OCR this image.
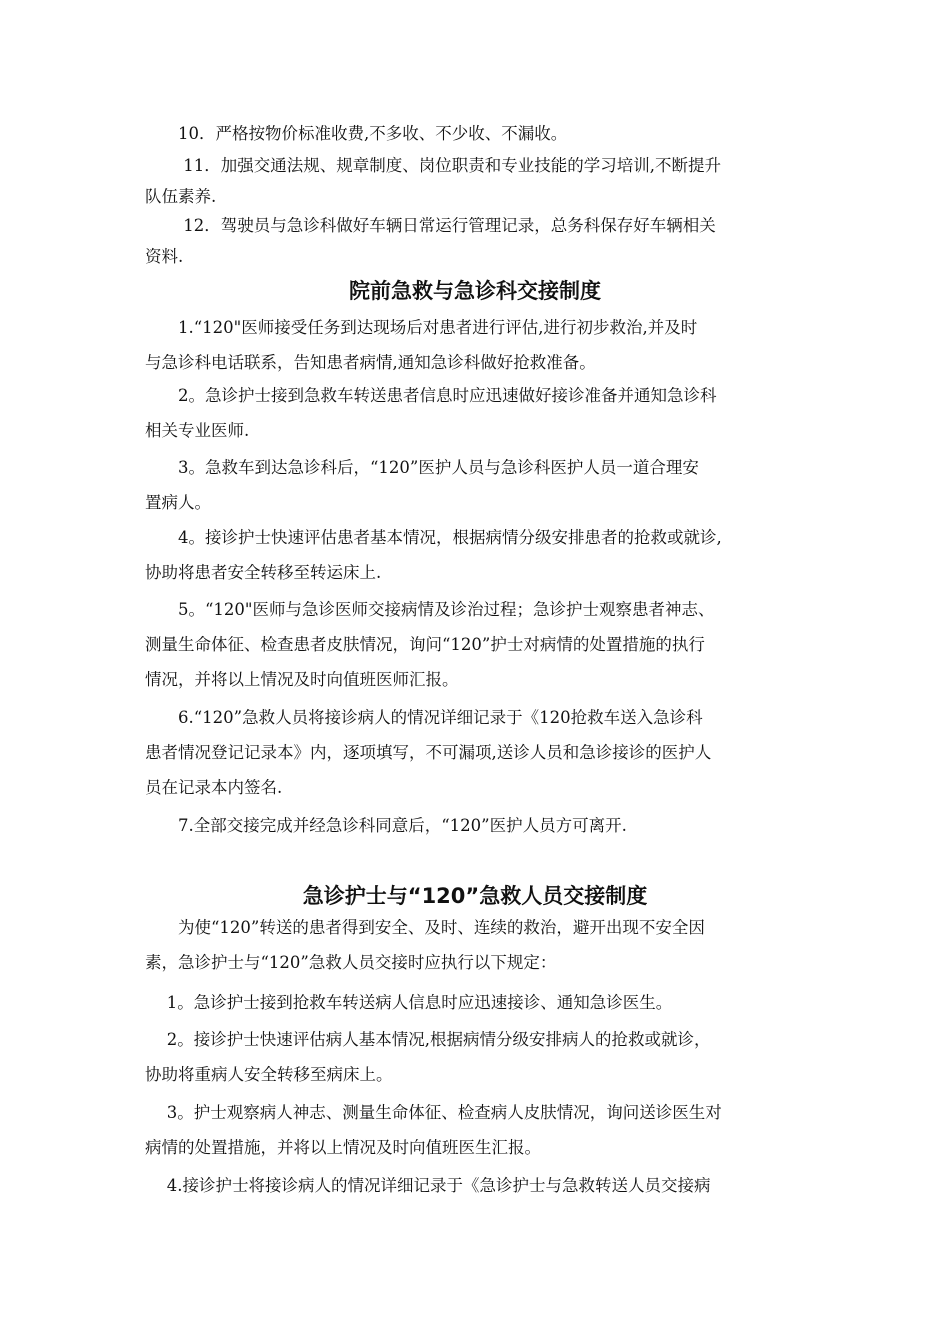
　　10．严格按物价标准收费,不多收、不少收、不漏收。

　　 11．加强交通法规、规章制度、岗位职责和专业技能的学习培训,不断提升
队伍素养.

　　 12．驾驶员与急诊科做好车辆日常运行管理记录，总务科保存好车辆相关
资料.

院前急救与急诊科交接制度

　　1.“120"医师接受任务到达现场后对患者进行评估,进行初步救治,并及时
与急诊科电话联系，告知患者病情,通知急诊科做好抢救准备。

　　2。急诊护士接到急救车转送患者信息时应迅速做好接诊准备并通知急诊科
相关专业医师.

　　3。急救车到达急诊科后，“120”医护人员与急诊科医护人员一道合理安
置病人。

　　4。接诊护士快速评估患者基本情况，根据病情分级安排患者的抢救或就诊,
协助将患者安全转移至转运床上.

　　5。“120"医师与急诊医师交接病情及诊治过程；急诊护士观察患者神志、
测量生命体征、检查患者皮肤情况，询问“120”护士对病情的处置措施的执行
情况，并将以上情况及时向值班医师汇报。

　　6.“120”急救人员将接诊病人的情况详细记录于《120抢救车送入急诊科
患者情况登记记录本》内，逐项填写，不可漏项,送诊人员和急诊接诊的医护人
员在记录本内签名.

　　7.全部交接完成并经急诊科同意后，“120”医护人员方可离开.

急诊护士与“120”急救人员交接制度

　　为使“120”转送的患者得到安全、及时、连续的救治，避开出现不安全因
素，急诊护士与“120”急救人员交接时应执行以下规定：

　 1。急诊护士接到抢救车转送病人信息时应迅速接诊、通知急诊医生。

　 2。接诊护士快速评估病人基本情况,根据病情分级安排病人的抢救或就诊，
协助将重病人安全转移至病床上。

　 3。护士观察病人神志、测量生命体征、检查病人皮肤情况，询问送诊医生对
病情的处置措施，并将以上情况及时向值班医生汇报。

　 4.接诊护士将接诊病人的情况详细记录于《急诊护士与急救转送人员交接病
